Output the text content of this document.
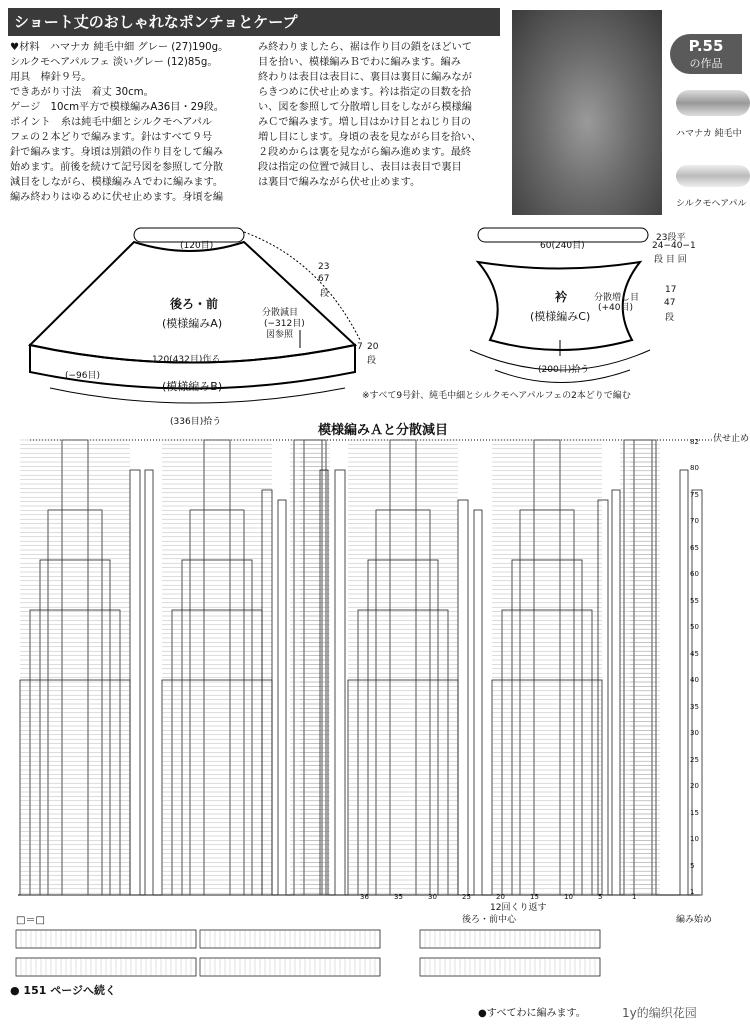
ショート丈のおしゃれなポンチョとケープ
♥材料　ハマナカ 純毛中細 グレー (27)190g。
シルクモヘアパルフェ 淡いグレー (12)85g。
用具　棒針９号。
できあがり寸法　着丈 30cm。
ゲージ　10cm平方で模様編みA36目・29段。
ポイント　糸は純毛中細とシルクモヘアパル
フェの２本どりで編みます。針はすべて９号
針で編みます。身頃は別鎖の作り目をして編み
始めます。前後を続けて記号図を参照して分散
減目をしながら、模様編みＡでわに編みます。
編み終わりはゆるめに伏せ止めます。身頃を編
み終わりましたら、裾は作り目の鎖をほどいて
目を拾い、模様編みＢでわに編みます。編み
終わりは表目は表目に、裏目は裏目に編みなが
らきつめに伏せ止めます。衿は指定の目数を拾
い、図を参照して分散増し目をしながら模様編
みＣで編みます。増し目はかけ目とねじり目の
増し目にします。身頃の表を見ながら目を拾い、
２段めからは裏を見ながら編み進めます。最終
段は指定の位置で減目し、表目は表目で裏目
は裏目で編みながら伏せ止めます。
P.55
の作品
ハマナカ 純毛中
シルクモヘアパル
(120目)
後ろ・前
(模様編みA)
分散減目
(−312目)
図参照
23
67
段
120(432目)作る
(−96目)
(模様編みB)
(336目)拾う
7 20
段
60(240目)
衿
(模様編みC)
(200目)拾う
分散増し目
(+40目)
23段平
24−40−1
段 目 回
17
47
段
※すべて9号針、純毛中細とシルクモヘアパルフェの2本どりで編む
模様編みＡと分散減目
伏せ止め
82
80
75
70
65
60
55
50
45
40
35
30
25
20
15
10
5
1
36	35	30	25	20	15	10	5	1
後ろ・前中心
12回くり返す
編み始め
□＝□
● 151 ページへ続く
●すべてわに編みます。	1y的编织花园
